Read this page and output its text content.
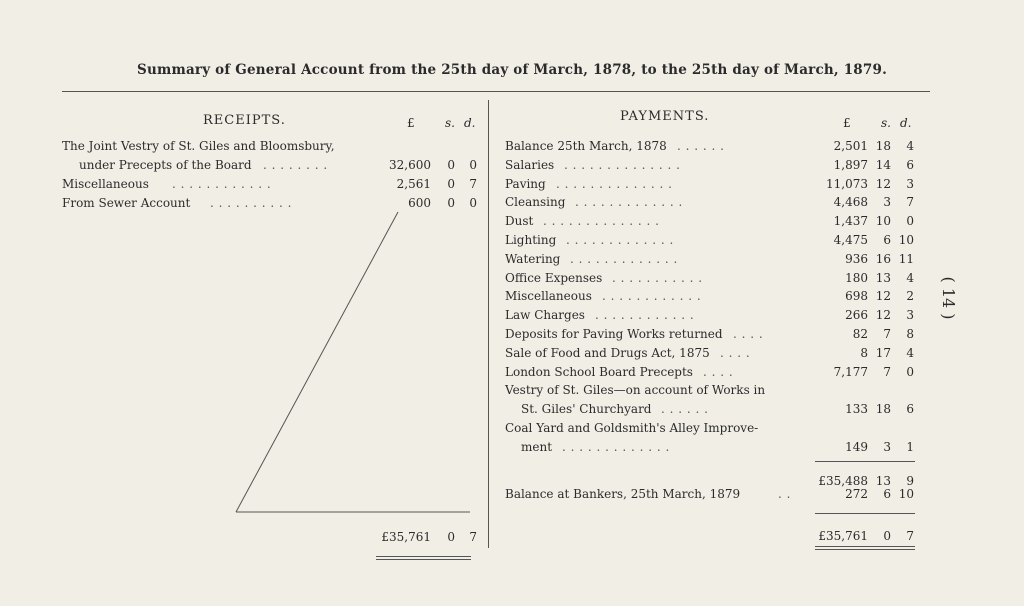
Summary of General Account from the 25th day of March, 1878, to the 25th day of March, 1879.
RECEIPTS.	£	s. d.
The Joint Vestry of St. Giles and Bloomsbury,
under Precepts of the Board . . . . . . . .	32,600 0 0
Miscellaneous . . . . . . . . . . . .	2,561 0 7
From Sewer Account . . . . . . . . . .	600 0 0
£35,761 0 7
PAYMENTS.	£	s. d.
Balance 25th March, 1878 . . . . . .	2,501 18 4
Salaries . . . . . . . . . . . . . .	1,897 14 6
Paving . . . . . . . . . . . . . .	11,073 12 3
Cleansing . . . . . . . . . . . . .	4,468 3 7
Dust . . . . . . . . . . . . . .	1,437 10 0
Lighting . . . . . . . . . . . . .	4,475 6 10
Watering . . . . . . . . . . . . .	936 16 11
Office Expenses . . . . . . . . . . .	180 13 4
Miscellaneous . . . . . . . . . . . .	698 12 2
Law Charges . . . . . . . . . . . .	266 12 3
Deposits for Paving Works returned . . . .	82 7 8
Sale of Food and Drugs Act, 1875 . . . .	8 17 4
London School Board Precepts . . . .	7,177 7 0
Vestry of St. Giles—on account of Works in
St. Giles' Churchyard . . . . . .	133 18 6
Coal Yard and Goldsmith's Alley Improve-
ment . . . . . . . . . . . . .	149 3 1
£35,488 13 9
Balance at Bankers, 25th March, 1879	. .	272 6 10
£35,761 0 7
( 14 )
